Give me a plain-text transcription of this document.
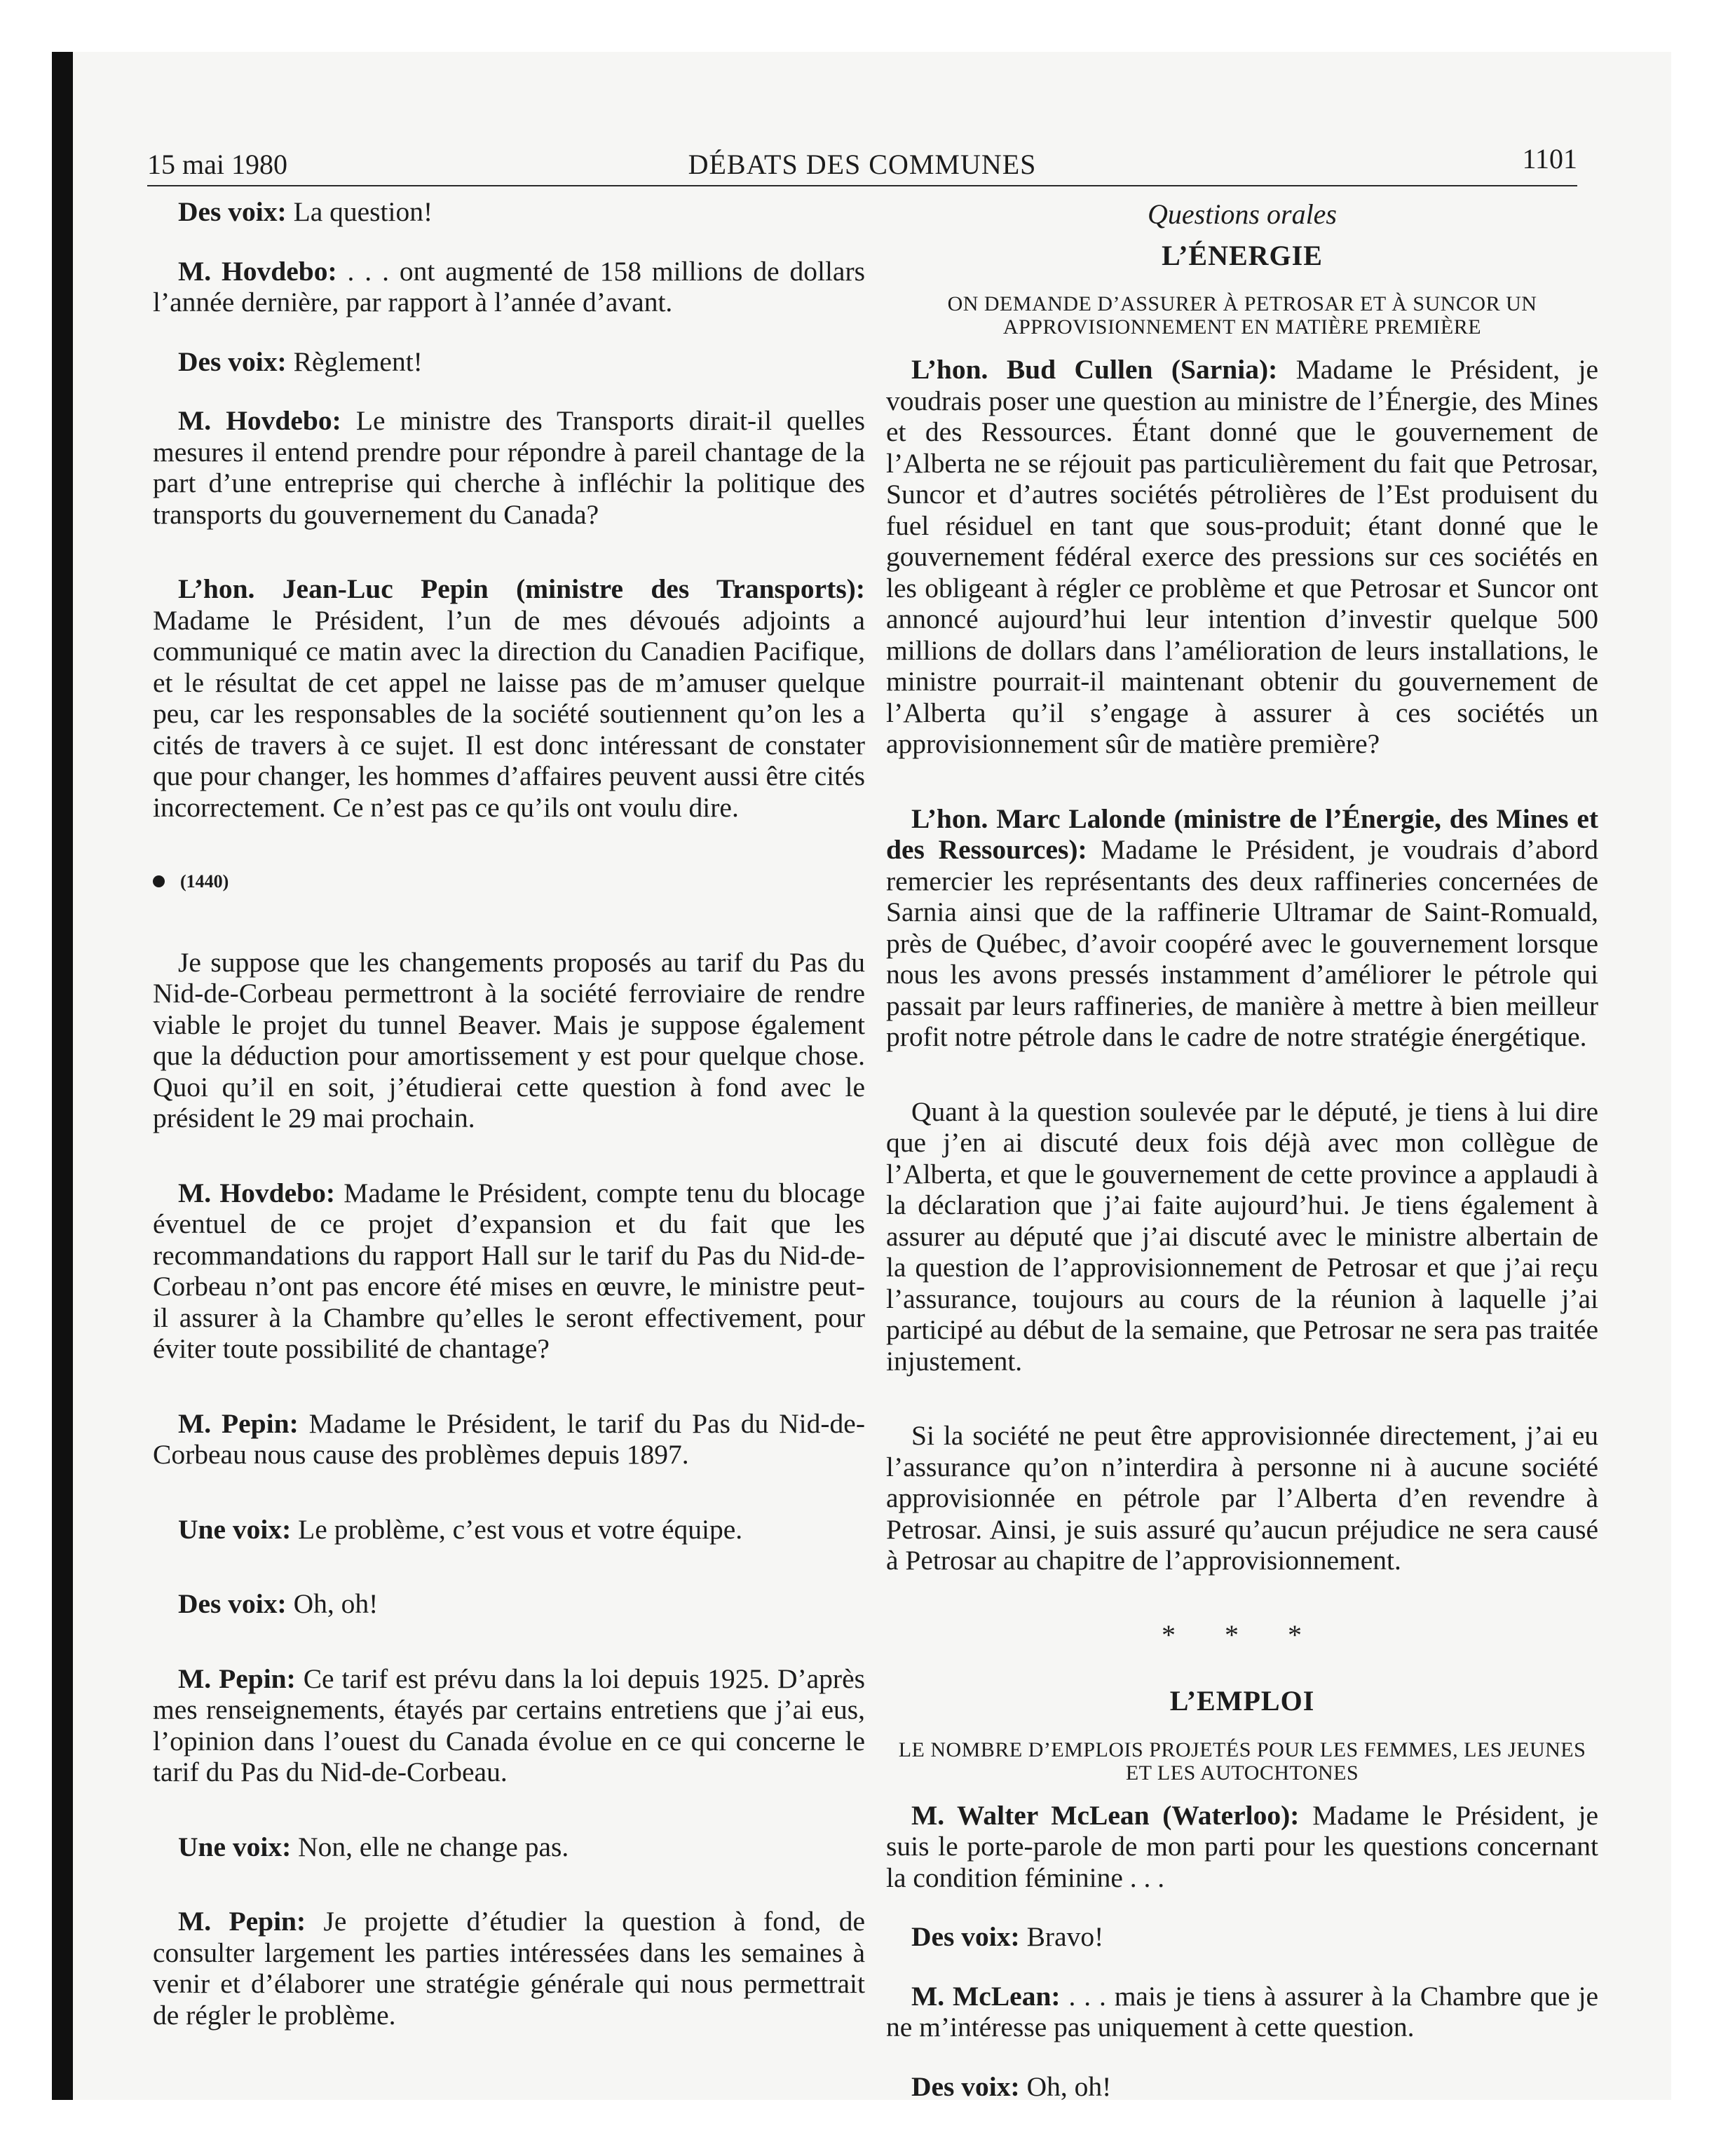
15 mai 1980	DÉBATS DES COMMUNES	1101

Des voix: La question!

M. Hovdebo: . . . ont augmenté de 158 millions de dollars l’année dernière, par rapport à l’année d’avant.

Des voix: Règlement!

M. Hovdebo: Le ministre des Transports dirait-il quelles mesures il entend prendre pour répondre à pareil chantage de la part d’une entreprise qui cherche à infléchir la politique des transports du gouvernement du Canada?

L’hon. Jean-Luc Pepin (ministre des Transports): Madame le Président, l’un de mes dévoués adjoints a communiqué ce matin avec la direction du Canadien Pacifique, et le résultat de cet appel ne laisse pas de m’amuser quelque peu, car les responsables de la société soutiennent qu’on les a cités de travers à ce sujet. Il est donc intéressant de constater que pour changer, les hommes d’affaires peuvent aussi être cités incorrectement. Ce n’est pas ce qu’ils ont voulu dire.

(1440)

Je suppose que les changements proposés au tarif du Pas du Nid-de-Corbeau permettront à la société ferroviaire de rendre viable le projet du tunnel Beaver. Mais je suppose également que la déduction pour amortissement y est pour quelque chose. Quoi qu’il en soit, j’étudierai cette question à fond avec le président le 29 mai prochain.

M. Hovdebo: Madame le Président, compte tenu du blocage éventuel de ce projet d’expansion et du fait que les recommandations du rapport Hall sur le tarif du Pas du Nid-de-Corbeau n’ont pas encore été mises en œuvre, le ministre peut-il assurer à la Chambre qu’elles le seront effectivement, pour éviter toute possibilité de chantage?

M. Pepin: Madame le Président, le tarif du Pas du Nid-de-Corbeau nous cause des problèmes depuis 1897.

Une voix: Le problème, c’est vous et votre équipe.

Des voix: Oh, oh!

M. Pepin: Ce tarif est prévu dans la loi depuis 1925. D’après mes renseignements, étayés par certains entretiens que j’ai eus, l’opinion dans l’ouest du Canada évolue en ce qui concerne le tarif du Pas du Nid-de-Corbeau.

Une voix: Non, elle ne change pas.

M. Pepin: Je projette d’étudier la question à fond, de consulter largement les parties intéressées dans les semaines à venir et d’élaborer une stratégie générale qui nous permettrait de régler le problème.

Questions orales
L’ÉNERGIE
ON DEMANDE D’ASSURER À PETROSAR ET À SUNCOR UN APPROVISIONNEMENT EN MATIÈRE PREMIÈRE

L’hon. Bud Cullen (Sarnia): Madame le Président, je voudrais poser une question au ministre de l’Énergie, des Mines et des Ressources. Étant donné que le gouvernement de l’Alberta ne se réjouit pas particulièrement du fait que Petrosar, Suncor et d’autres sociétés pétrolières de l’Est produisent du fuel résiduel en tant que sous-produit; étant donné que le gouvernement fédéral exerce des pressions sur ces sociétés en les obligeant à régler ce problème et que Petrosar et Suncor ont annoncé aujourd’hui leur intention d’investir quelque 500 millions de dollars dans l’amélioration de leurs installations, le ministre pourrait-il maintenant obtenir du gouvernement de l’Alberta qu’il s’engage à assurer à ces sociétés un approvisionnement sûr de matière première?

L’hon. Marc Lalonde (ministre de l’Énergie, des Mines et des Ressources): Madame le Président, je voudrais d’abord remercier les représentants des deux raffineries concernées de Sarnia ainsi que de la raffinerie Ultramar de Saint-Romuald, près de Québec, d’avoir coopéré avec le gouvernement lorsque nous les avons pressés instamment d’améliorer le pétrole qui passait par leurs raffineries, de manière à mettre à bien meilleur profit notre pétrole dans le cadre de notre stratégie énergétique.

Quant à la question soulevée par le député, je tiens à lui dire que j’en ai discuté deux fois déjà avec mon collègue de l’Alberta, et que le gouvernement de cette province a applaudi à la déclaration que j’ai faite aujourd’hui. Je tiens également à assurer au député que j’ai discuté avec le ministre albertain de la question de l’approvisionnement de Petrosar et que j’ai reçu l’assurance, toujours au cours de la réunion à laquelle j’ai participé au début de la semaine, que Petrosar ne sera pas traitée injustement.

Si la société ne peut être approvisionnée directement, j’ai eu l’assurance qu’on n’interdira à personne ni à aucune société approvisionnée en pétrole par l’Alberta d’en revendre à Petrosar. Ainsi, je suis assuré qu’aucun préjudice ne sera causé à Petrosar au chapitre de l’approvisionnement.

* * *
L’EMPLOI
LE NOMBRE D’EMPLOIS PROJETÉS POUR LES FEMMES, LES JEUNES ET LES AUTOCHTONES

M. Walter McLean (Waterloo): Madame le Président, je suis le porte-parole de mon parti pour les questions concernant la condition féminine . . .

Des voix: Bravo!

M. McLean: . . . mais je tiens à assurer à la Chambre que je ne m’intéresse pas uniquement à cette question.

Des voix: Oh, oh!
